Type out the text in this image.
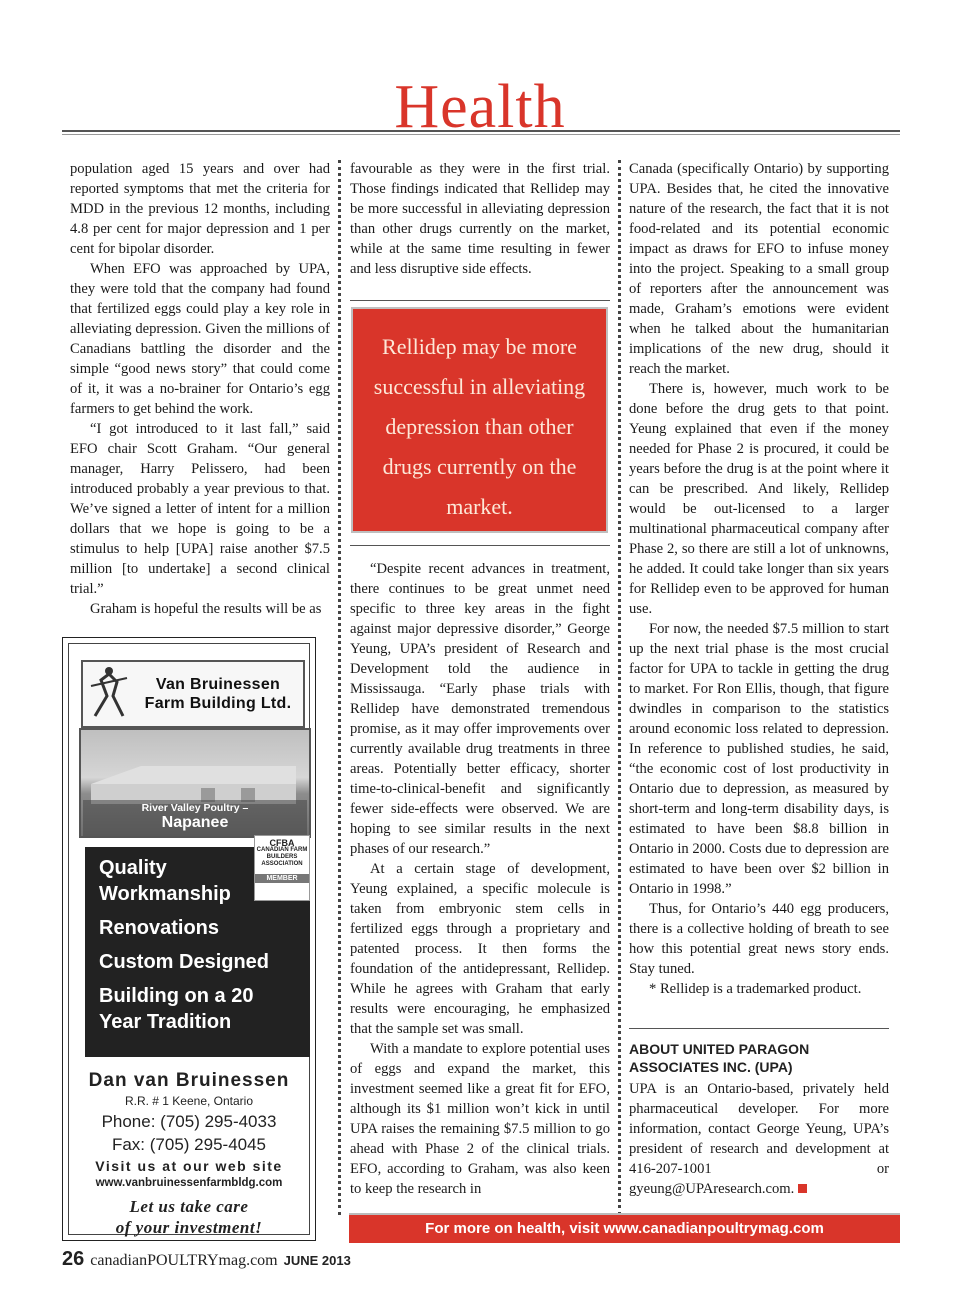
Health

population aged 15 years and over had reported symptoms that met the criteria for MDD in the previous 12 months, including 4.8 per cent for major depression and 1 per cent for bipolar disorder.

When EFO was approached by UPA, they were told that the company had found that fertilized eggs could play a key role in alleviating depression. Given the millions of Canadians battling the disorder and the simple “good news story” that could come of it, it was a no-brainer for Ontario’s egg farmers to get behind the work.

“I got introduced to it last fall,” said EFO chair Scott Graham. “Our general manager, Harry Pelissero, had been introduced probably a year previous to that. We’ve signed a letter of intent for a million dollars that we hope is going to be a stimulus to help [UPA] raise another $7.5 million [to undertake] a second clinical trial.”

Graham is hopeful the results will be as

favourable as they were in the first trial. Those findings indicated that Rellidep may be more successful in alleviating depression than other drugs currently on the market, while at the same time resulting in fewer and less disruptive side effects.

Rellidep may be more successful in alleviating depression than other drugs currently on the market.

“Despite recent advances in treatment, there continues to be great unmet need specific to three key areas in the fight against major depressive disorder,” George Yeung, UPA’s president of Research and Development told the audience in Mississauga. “Early phase trials with Rellidep have demonstrated tremendous promise, as it may offer improvements over currently available drug treatments in three areas. Potentially better efficacy, shorter time-to-clinical-benefit and significantly fewer side-effects were observed. We are hoping to see similar results in the next phases of our research.”

At a certain stage of development, Yeung explained, a specific molecule is taken from embryonic stem cells in fertilized eggs through a proprietary and patented process. It then forms the foundation of the antidepressant, Rellidep. While he agrees with Graham that early results were encouraging, he emphasized that the sample set was small.

With a mandate to explore potential uses of eggs and expand the market, this investment seemed like a great fit for EFO, although its $1 million won’t kick in until UPA raises the remaining $7.5 million to go ahead with Phase 2 of the clinical trials. EFO, according to Graham, was also keen to keep the research in

Canada (specifically Ontario) by supporting UPA. Besides that, he cited the innovative nature of the research, the fact that it is not food-related and its potential economic impact as draws for EFO to infuse money into the project. Speaking to a small group of reporters after the announcement was made, Graham’s emotions were evident when he talked about the humanitarian implications of the new drug, should it reach the market.

There is, however, much work to be done before the drug gets to that point. Yeung explained that even if the money needed for Phase 2 is procured, it could be years before the drug is at the point where it can be prescribed. And likely, Rellidep would be out-licensed to a larger multinational pharmaceutical company after Phase 2, so there are still a lot of unknowns, he added. It could take longer than six years for Rellidep even to be approved for human use.

For now, the needed $7.5 million to start up the next trial phase is the most crucial factor for UPA to tackle in getting the drug to market. For Ron Ellis, though, that figure dwindles in comparison to the statistics around economic loss related to depression. In reference to published studies, he said, “the economic cost of lost productivity in Ontario due to depression, as measured by short-term and long-term disability days, is estimated to have been $8.8 billion in Ontario in 2000. Costs due to depression are estimated to have been over $2 billion in Ontario in 1998.”

Thus, for Ontario’s 440 egg producers, there is a collective holding of breath to see how this potential great news story ends. Stay tuned.

* Rellidep is a trademarked product.

ABOUT UNITED PARAGON ASSOCIATES INC. (UPA)

UPA is an Ontario-based, privately held pharmaceutical developer. For more information, contact George Yeung, UPA’s president of research and development at 416-207-1001 or gyeung@UPAresearch.com.

Van Bruinessen
Farm Building Ltd.
River Valley Poultry –
Napanee
CFBA
CANADIAN FARM BUILDERS ASSOCIATION
MEMBER
Quality Workmanship
Renovations
Custom Designed
Building on a 20 Year Tradition
Dan van Bruinessen
R.R. # 1 Keene, Ontario
Phone: (705) 295-4033
Fax: (705) 295-4045
Visit us at our web site
www.vanbruinessenfarmbldg.com
Let us take care
of your investment!	For more on health, visit www.canadianpoultrymag.com
26 canadianPOULTRYmag.com JUNE 2013
